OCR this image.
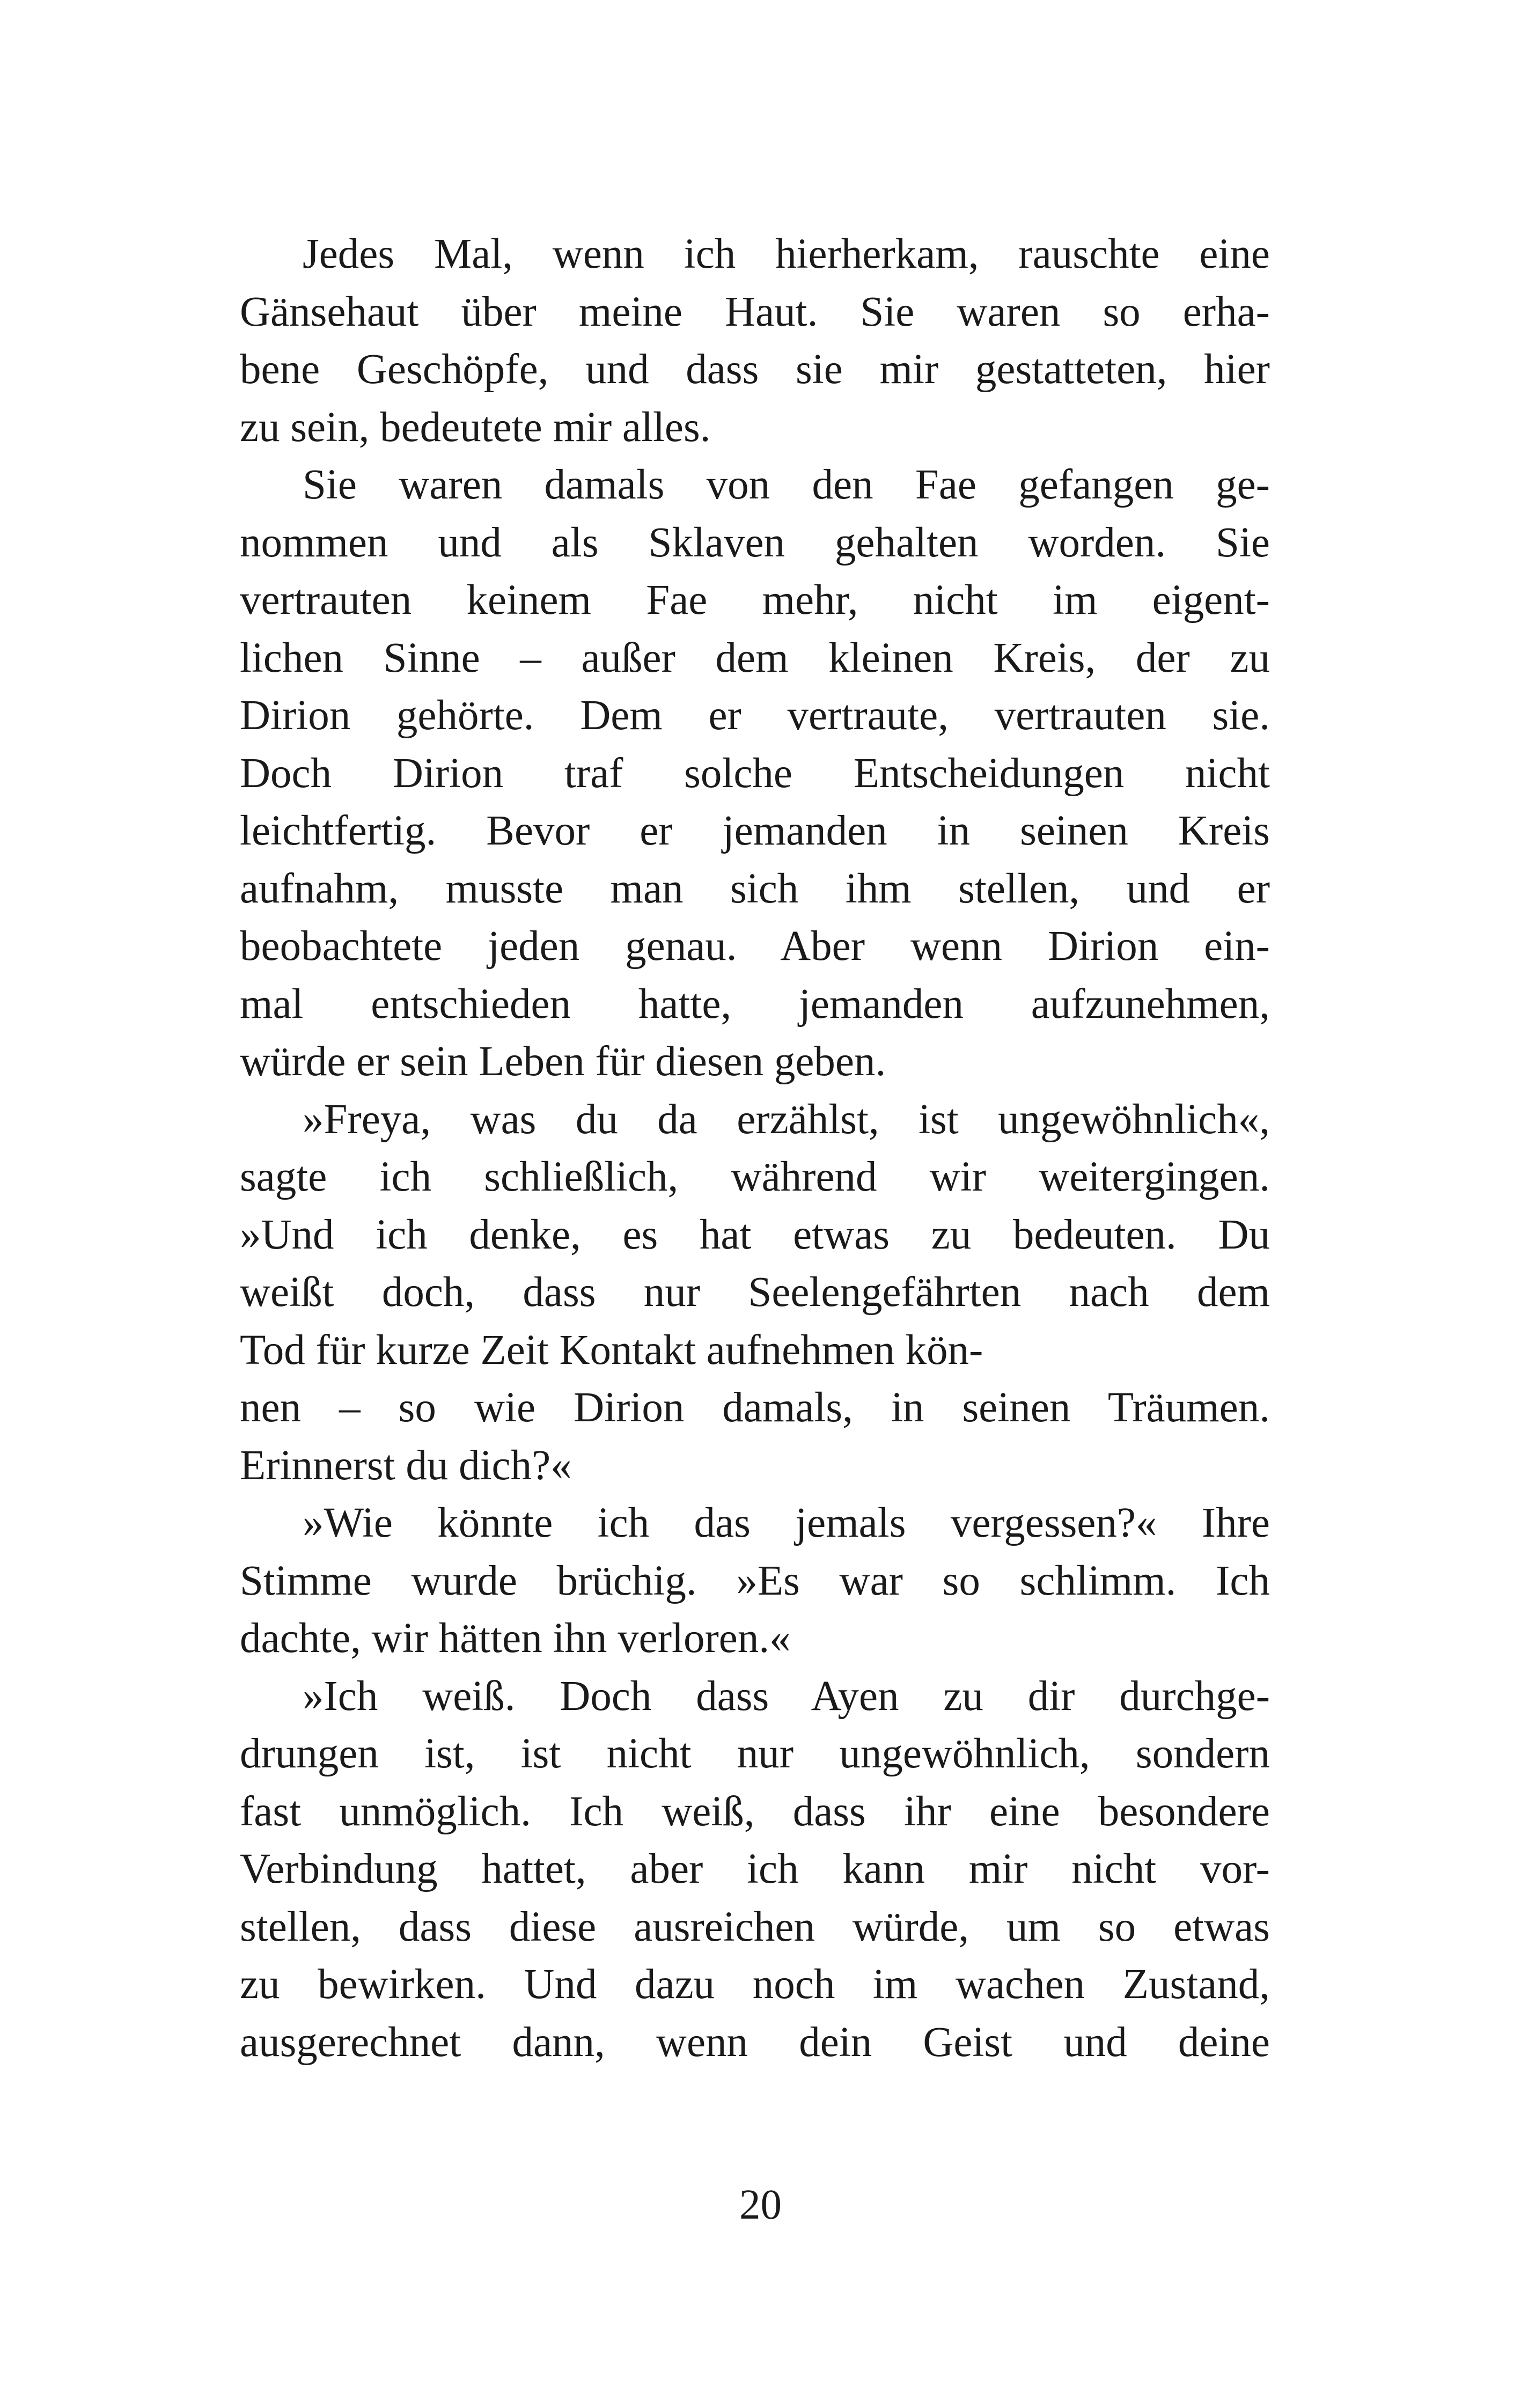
Jedes Mal, wenn ich hierherkam, rauschte eine
Gänsehaut über meine Haut. Sie waren so erha-
bene Geschöpfe, und dass sie mir gestatteten, hier
zu sein, bedeutete mir alles.
Sie waren damals von den Fae gefangen ge-
nommen und als Sklaven gehalten worden. Sie
vertrauten keinem Fae mehr, nicht im eigent-
lichen Sinne – außer dem kleinen Kreis, der zu
Dirion gehörte. Dem er vertraute, vertrauten sie.
Doch Dirion traf solche Entscheidungen nicht
leichtfertig. Bevor er jemanden in seinen Kreis
aufnahm, musste man sich ihm stellen, und er
beobachtete jeden genau. Aber wenn Dirion ein-
mal entschieden hatte, jemanden aufzunehmen,
würde er sein Leben für diesen geben.
»Freya, was du da erzählst, ist ungewöhnlich«,
sagte ich schließlich, während wir weitergingen.
»Und ich denke, es hat etwas zu bedeuten. Du
weißt doch, dass nur Seelengefährten nach dem
Tod für kurze Zeit Kontakt aufnehmen kön-
nen – so wie Dirion damals, in seinen Träumen.
Erinnerst du dich?«
»Wie könnte ich das jemals vergessen?« Ihre
Stimme wurde brüchig. »Es war so schlimm. Ich
dachte, wir hätten ihn verloren.«
»Ich weiß. Doch dass Ayen zu dir durchge-
drungen ist, ist nicht nur ungewöhnlich, sondern
fast unmöglich. Ich weiß, dass ihr eine besondere
Verbindung hattet, aber ich kann mir nicht vor-
stellen, dass diese ausreichen würde, um so etwas
zu bewirken. Und dazu noch im wachen Zustand,
ausgerechnet dann, wenn dein Geist und deine
20
